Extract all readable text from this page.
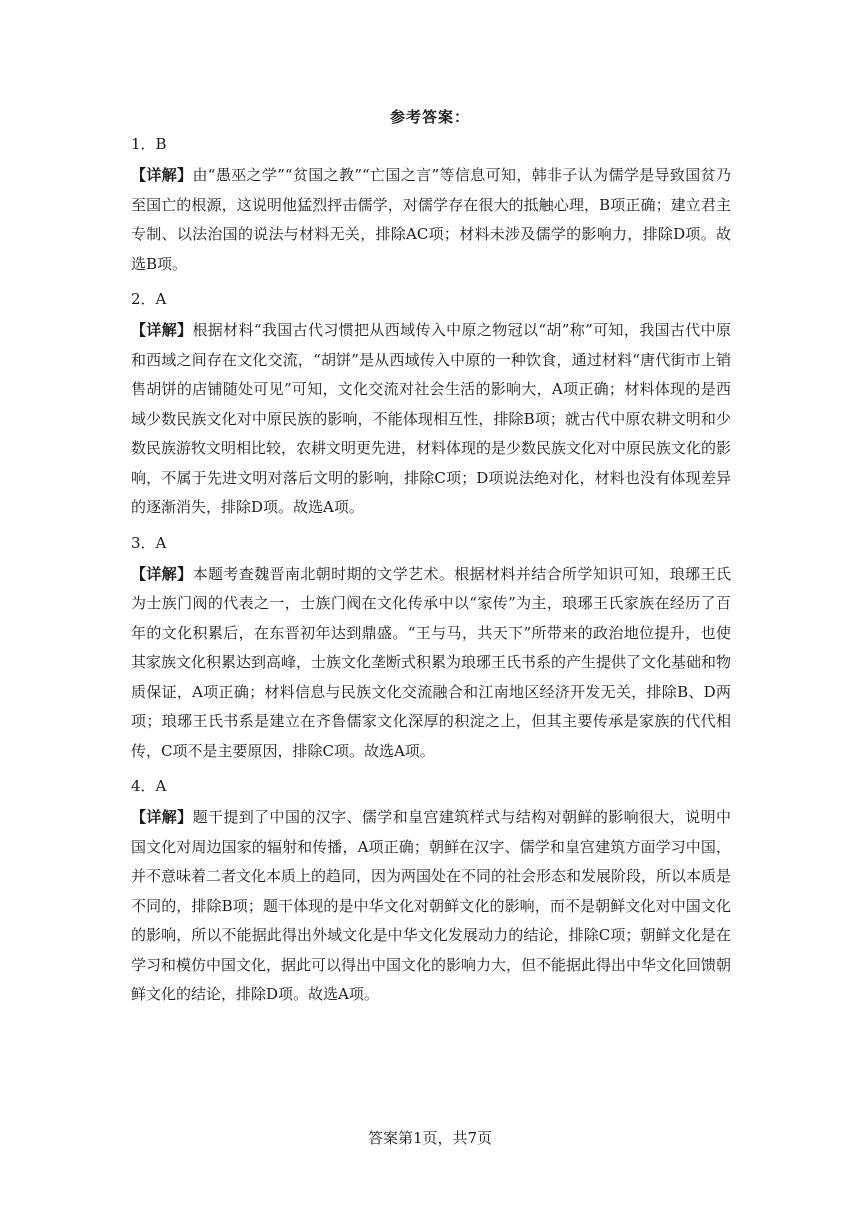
参考答案：

1．B

【详解】由“愚巫之学”“贫国之教”“亡国之言”等信息可知，韩非子认为儒学是导致国贫乃至国亡的根源，这说明他猛烈抨击儒学，对儒学存在很大的抵触心理，B项正确；建立君主专制、以法治国的说法与材料无关，排除AC项；材料未涉及儒学的影响力，排除D项。故选B项。

2．A

【详解】根据材料“我国古代习惯把从西域传入中原之物冠以“胡”称”可知，我国古代中原和西域之间存在文化交流，“胡饼”是从西域传入中原的一种饮食，通过材料“唐代街市上销售胡饼的店铺随处可见”可知，文化交流对社会生活的影响大，A项正确；材料体现的是西域少数民族文化对中原民族的影响，不能体现相互性，排除B项；就古代中原农耕文明和少数民族游牧文明相比较，农耕文明更先进，材料体现的是少数民族文化对中原民族文化的影响，不属于先进文明对落后文明的影响，排除C项；D项说法绝对化，材料也没有体现差异的逐渐消失，排除D项。故选A项。

3．A

【详解】本题考查魏晋南北朝时期的文学艺术。根据材料并结合所学知识可知，琅琊王氏为士族门阀的代表之一，士族门阀在文化传承中以“家传”为主，琅琊王氏家族在经历了百年的文化积累后，在东晋初年达到鼎盛。“王与马，共天下”所带来的政治地位提升，也使其家族文化积累达到高峰，士族文化垄断式积累为琅琊王氏书系的产生提供了文化基础和物质保证，A项正确；材料信息与民族文化交流融合和江南地区经济开发无关，排除B、D两项；琅琊王氏书系是建立在齐鲁儒家文化深厚的积淀之上，但其主要传承是家族的代代相传，C项不是主要原因，排除C项。故选A项。

4．A

【详解】题干提到了中国的汉字、儒学和皇宫建筑样式与结构对朝鲜的影响很大，说明中国文化对周边国家的辐射和传播，A项正确；朝鲜在汉字、儒学和皇宫建筑方面学习中国，并不意味着二者文化本质上的趋同，因为两国处在不同的社会形态和发展阶段，所以本质是不同的，排除B项；题干体现的是中华文化对朝鲜文化的影响，而不是朝鲜文化对中国文化的影响，所以不能据此得出外域文化是中华文化发展动力的结论，排除C项；朝鲜文化是在学习和模仿中国文化，据此可以得出中国文化的影响力大，但不能据此得出中华文化回馈朝鲜文化的结论，排除D项。故选A项。

答案第1页，共7页
